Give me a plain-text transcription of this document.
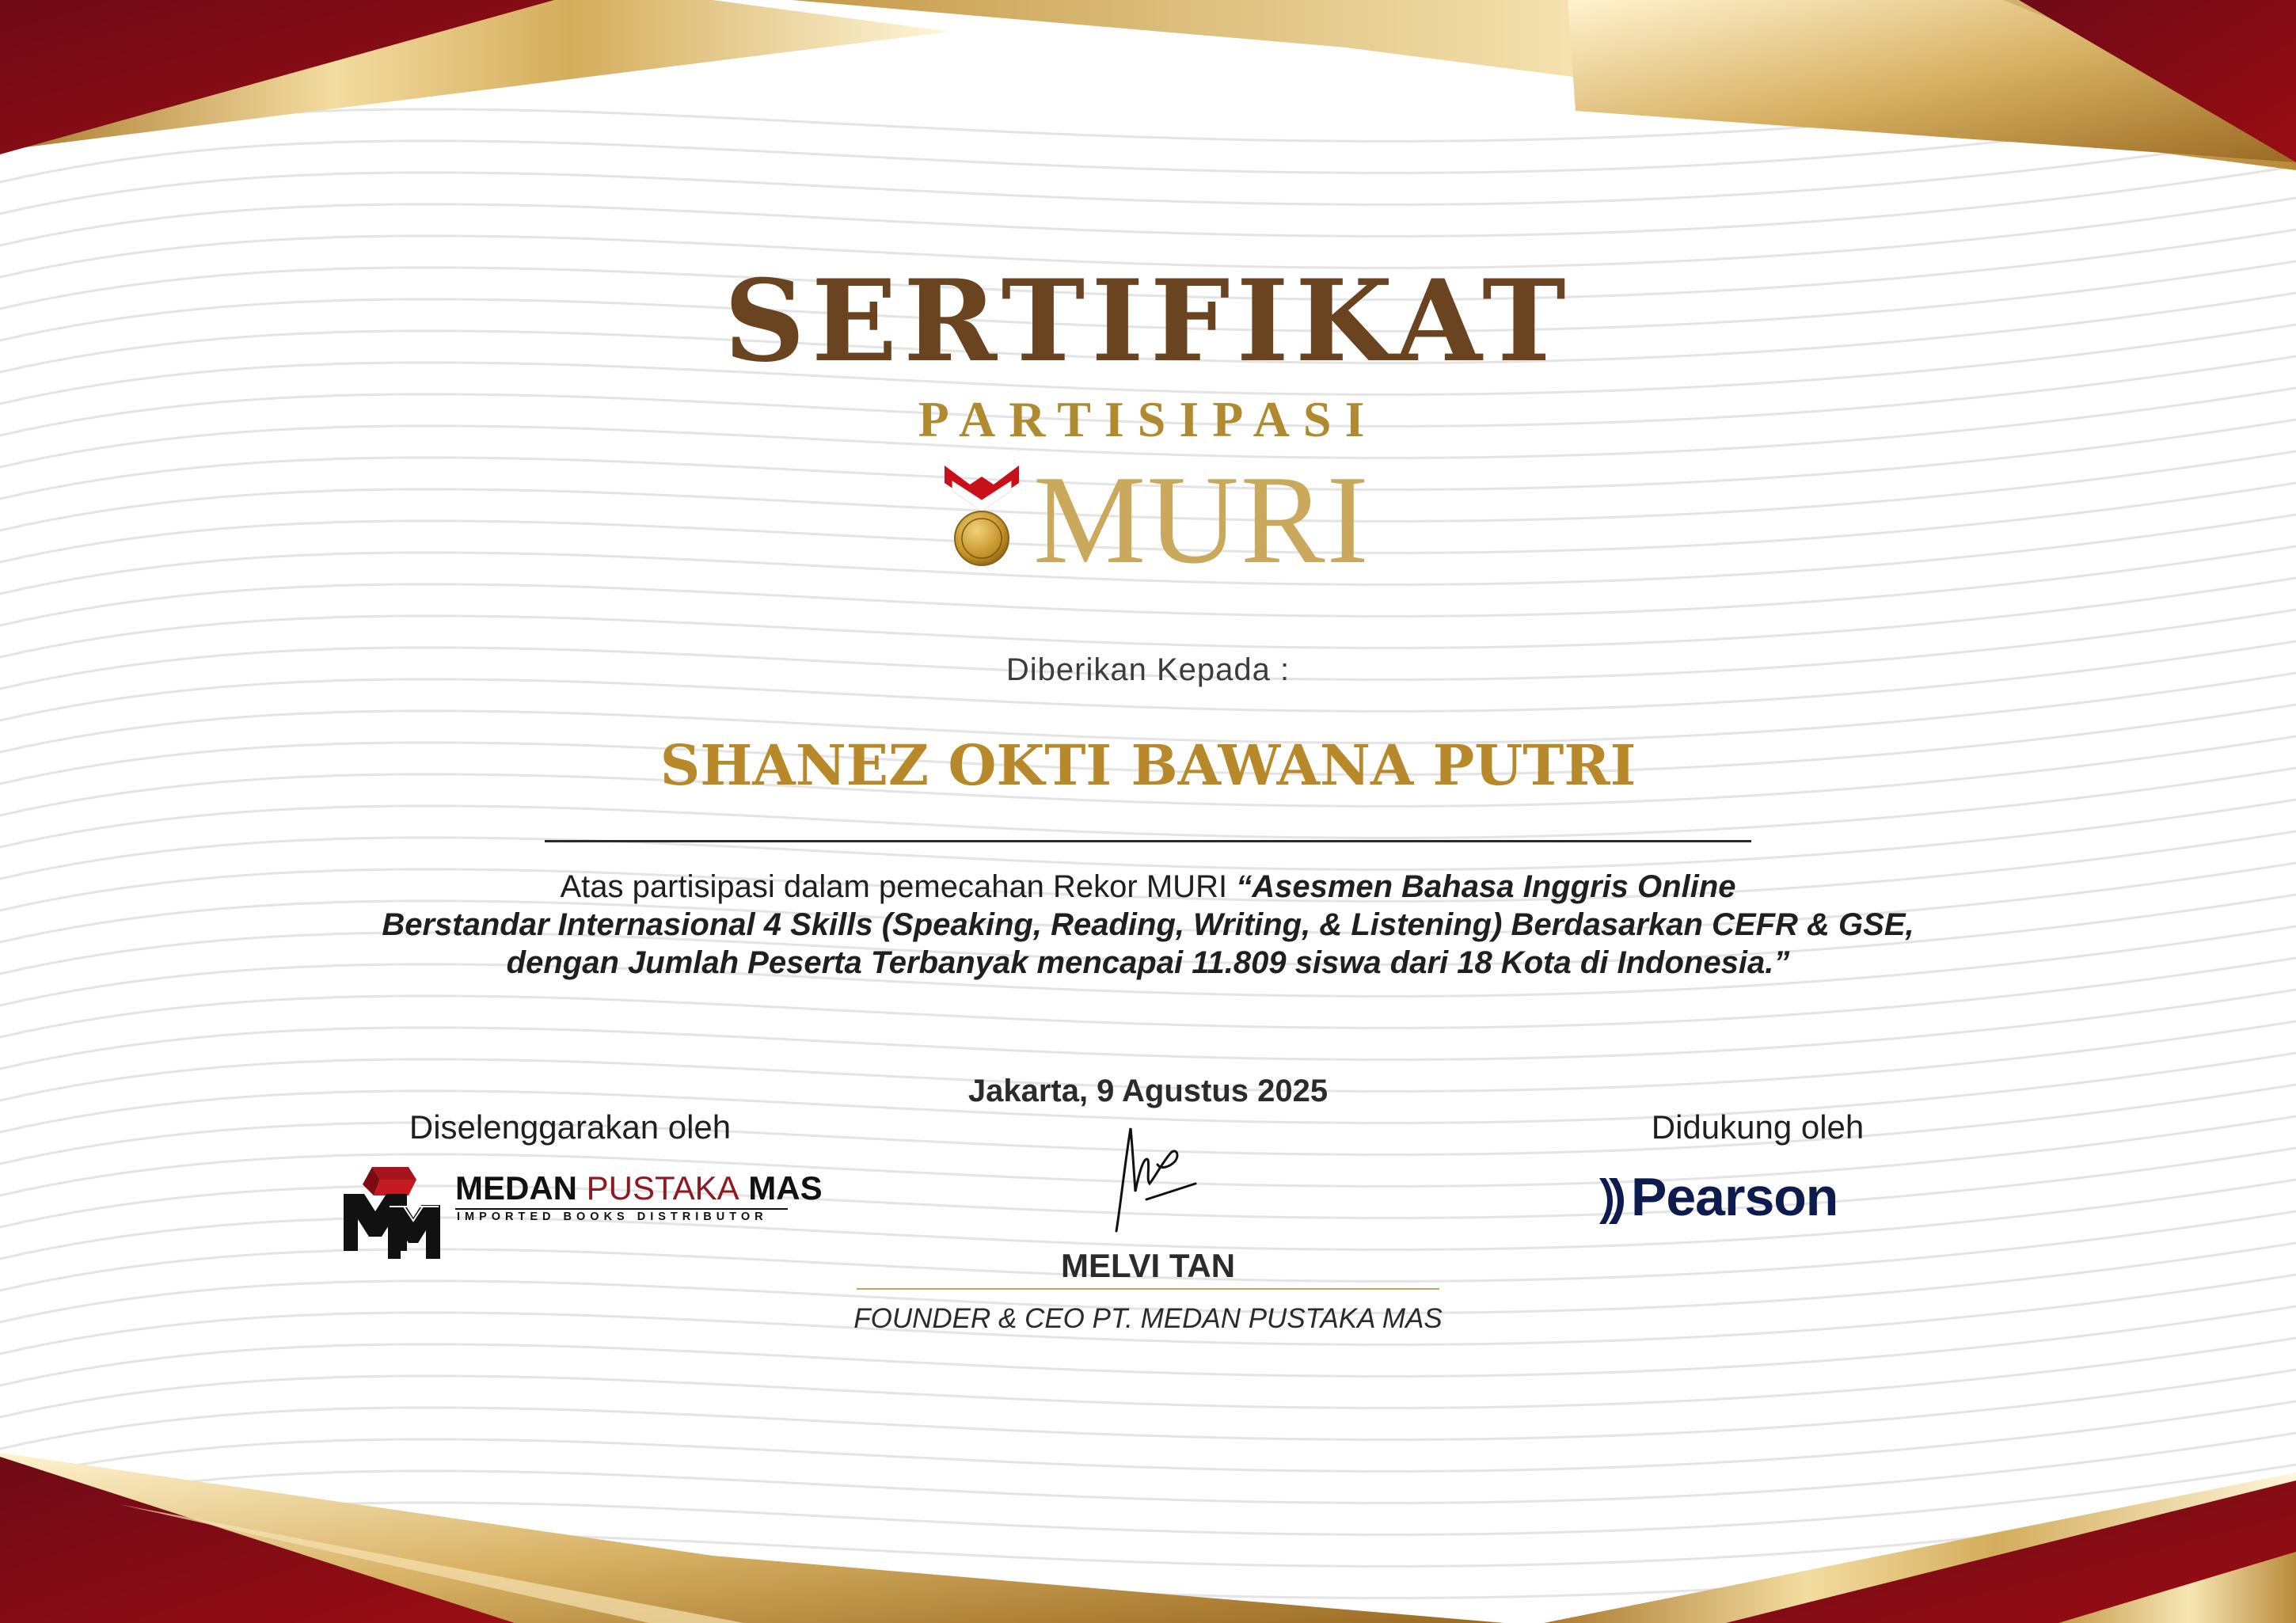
SERTIFIKAT
PARTISIPASI
MURI
Diberikan Kepada :
SHANEZ OKTI BAWANA PUTRI
Atas partisipasi dalam pemecahan Rekor MURI “Asesmen Bahasa Inggris Online
Berstandar Internasional 4 Skills (Speaking, Reading, Writing, & Listening) Berdasarkan CEFR & GSE,
dengan Jumlah Peserta Terbanyak mencapai 11.809 siswa dari 18 Kota di Indonesia.”
Jakarta, 9 Agustus 2025
Diselenggarakan oleh
MEDAN PUSTAKA MAS
IMPORTED BOOKS DISTRIBUTOR
Didukung oleh
Pearson
MELVI TAN
FOUNDER & CEO PT. MEDAN PUSTAKA MAS
